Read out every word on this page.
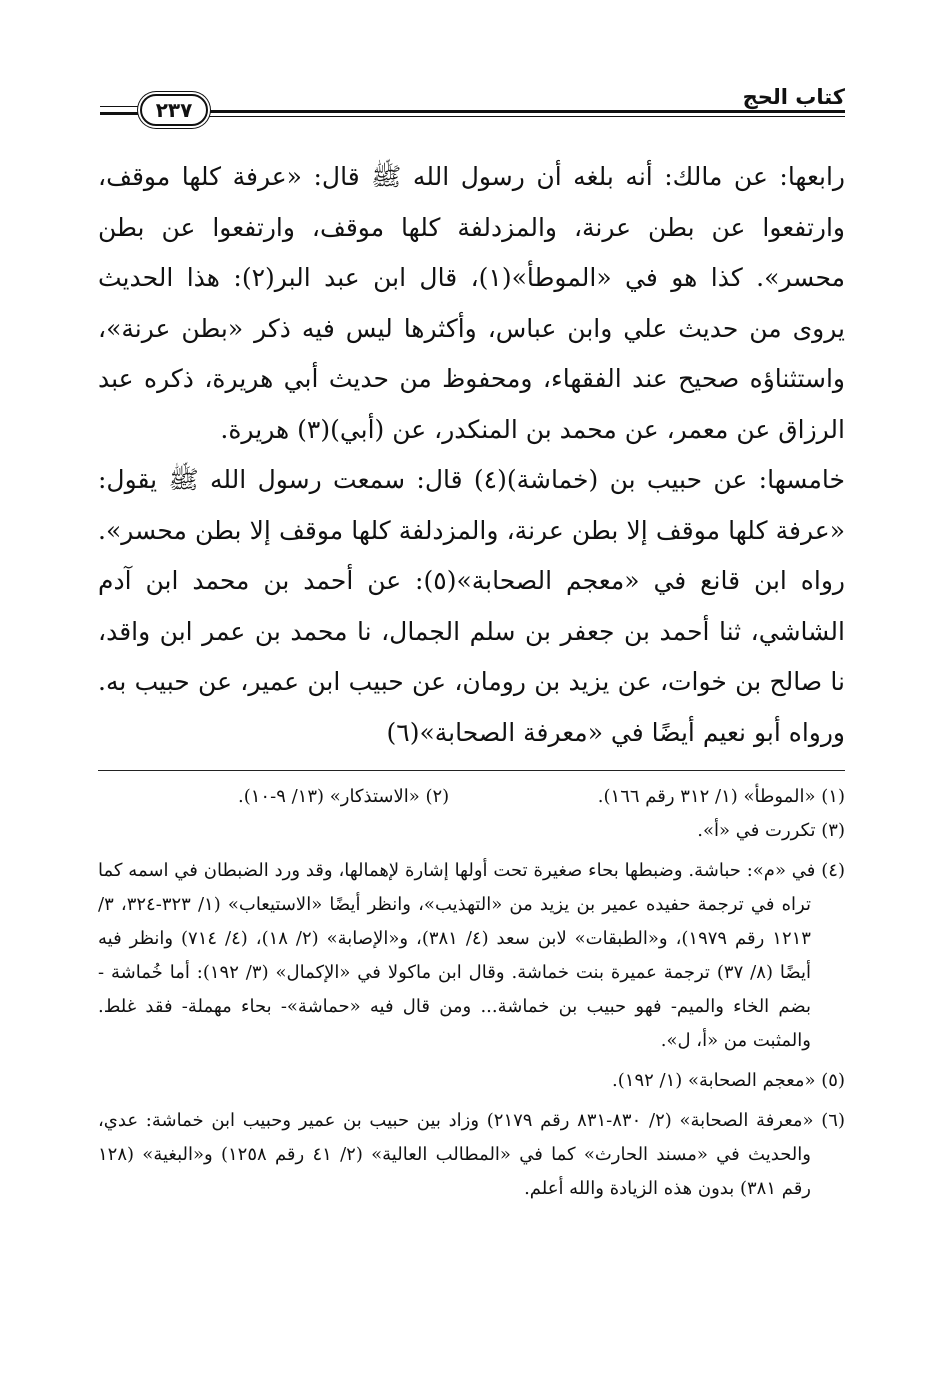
كتاب الحج
٢٣٧

رابعها: عن مالك: أنه بلغه أن رسول الله ﷺ قال: «عرفة كلها موقف، وارتفعوا عن بطن عرنة، والمزدلفة كلها موقف، وارتفعوا عن بطن محسر». كذا هو في «الموطأ»(١)، قال ابن عبد البر(٢): هذا الحديث يروى من حديث علي وابن عباس، وأكثرها ليس فيه ذكر «بطن عرنة»، واستثناؤه صحيح عند الفقهاء، ومحفوظ من حديث أبي هريرة، ذكره عبد الرزاق عن معمر، عن محمد بن المنكدر، عن (أبي)(٣) هريرة.

خامسها: عن حبيب بن (خماشة)(٤) قال: سمعت رسول الله ﷺ يقول: «عرفة كلها موقف إلا بطن عرنة، والمزدلفة كلها موقف إلا بطن محسر». رواه ابن قانع في «معجم الصحابة»(٥): عن أحمد بن محمد ابن آدم الشاشي، ثنا أحمد بن جعفر بن سلم الجمال، نا محمد بن عمر ابن واقد، نا صالح بن خوات، عن يزيد بن رومان، عن حبيب ابن عمير، عن حبيب به. ورواه أبو نعيم أيضًا في «معرفة الصحابة»(٦)

(١) «الموطأ» (١/ ٣١٢ رقم ١٦٦).
(٢) «الاستذكار» (١٣/ ٩-١٠).

(٣) تكررت في «أ».

(٤) في «م»: حباشة. وضبطها بحاء صغيرة تحت أولها إشارة لإهمالها، وقد ورد الضبطان في اسمه كما تراه في ترجمة حفيده عمير بن يزيد من «التهذيب»، وانظر أيضًا «الاستيعاب» (١/ ٣٢٣-٣٢٤، ٣/ ١٢١٣ رقم ١٩٧٩)، و«الطبقات» لابن سعد (٤/ ٣٨١)، و«الإصابة» (٢/ ١٨)، (٤/ ٧١٤) وانظر فيه أيضًا (٨/ ٣٧) ترجمة عميرة بنت خماشة. وقال ابن ماكولا في «الإكمال» (٣/ ١٩٢): أما خُماشة - بضم الخاء والميم- فهو حبيب بن خماشة... ومن قال فيه «حماشة»- بحاء مهملة- فقد غلط. والمثبت من «أ، ل».

(٥) «معجم الصحابة» (١/ ١٩٢).

(٦) «معرفة الصحابة» (٢/ ٨٣٠-٨٣١ رقم ٢١٧٩) وزاد بين حبيب بن عمير وحبيب ابن خماشة: عدي، والحديث في «مسند الحارث» كما في «المطالب العالية» (٢/ ٤١ رقم ١٢٥٨) و«البغية» (١٢٨ رقم ٣٨١) بدون هذه الزيادة والله أعلم.
